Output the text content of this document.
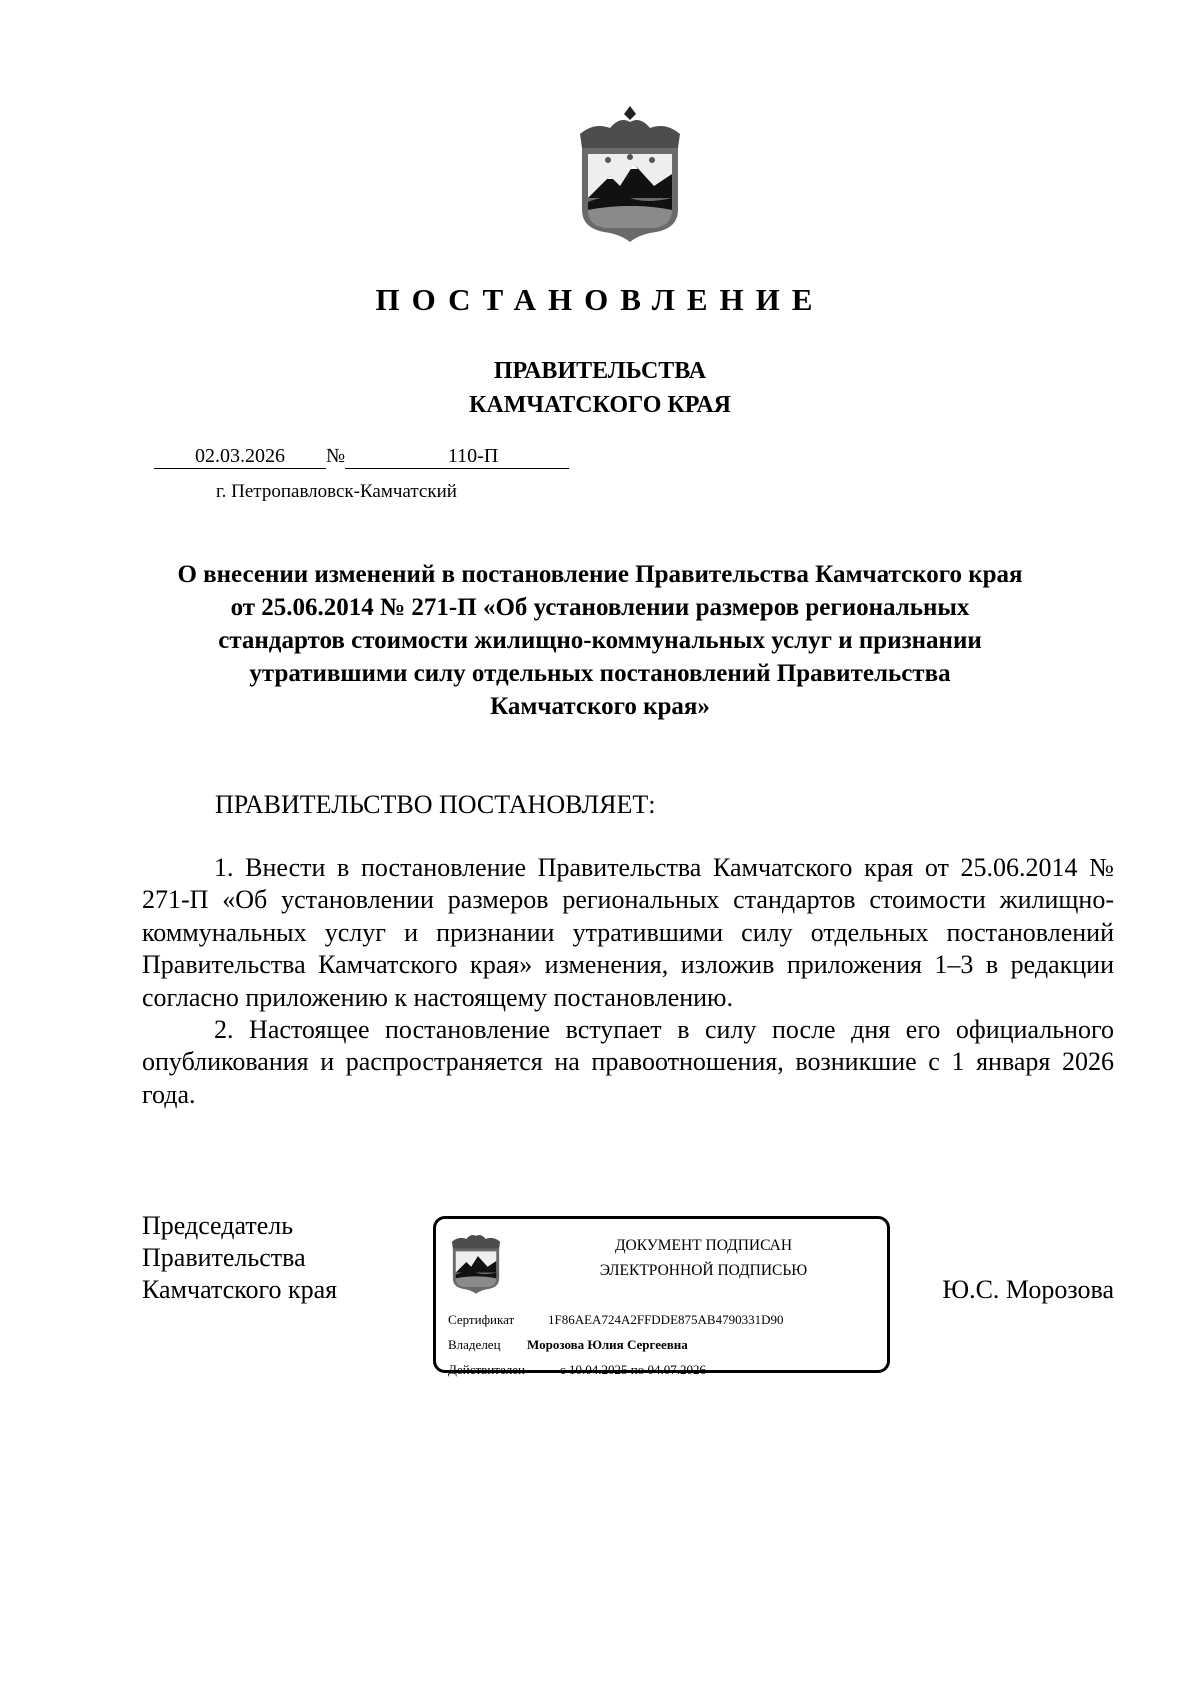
ПОСТАНОВЛЕНИЕ
ПРАВИТЕЛЬСТВА
КАМЧАТСКОГО КРАЯ
02.03.2026 №	110-П
г. Петропавловск-Камчатский
О внесении изменений в постановление Правительства Камчатского края
от 25.06.2014 № 271-П «Об установлении размеров региональных
стандартов стоимости жилищно-коммунальных услуг и признании
утратившими силу отдельных постановлений Правительства
Камчатского края»
ПРАВИТЕЛЬСТВО ПОСТАНОВЛЯЕТ:

1. Внести в постановление Правительства Камчатского края от 25.06.2014 № 271-П «Об установлении размеров региональных стандартов стоимости жилищно-коммунальных услуг и признании утратившими силу отдельных постановлений Правительства Камчатского края» изменения, изложив приложения 1–3 в редакции согласно приложению к настоящему постановлению.

2. Настоящее постановление вступает в силу после дня его официального опубликования и распространяется на правоотношения, возникшие с 1 января 2026 года.

Председатель
Правительства
Камчатского края
ДОКУМЕНТ ПОДПИСАН
ЭЛЕКТРОННОЙ ПОДПИСЬЮ
Сертификат	1F86AEA724A2FFDDE875AB4790331D90
Владелец Морозова Юлия Сергеевна
Действителен	с 10.04.2025 по 04.07.2026
Ю.С. Морозова
